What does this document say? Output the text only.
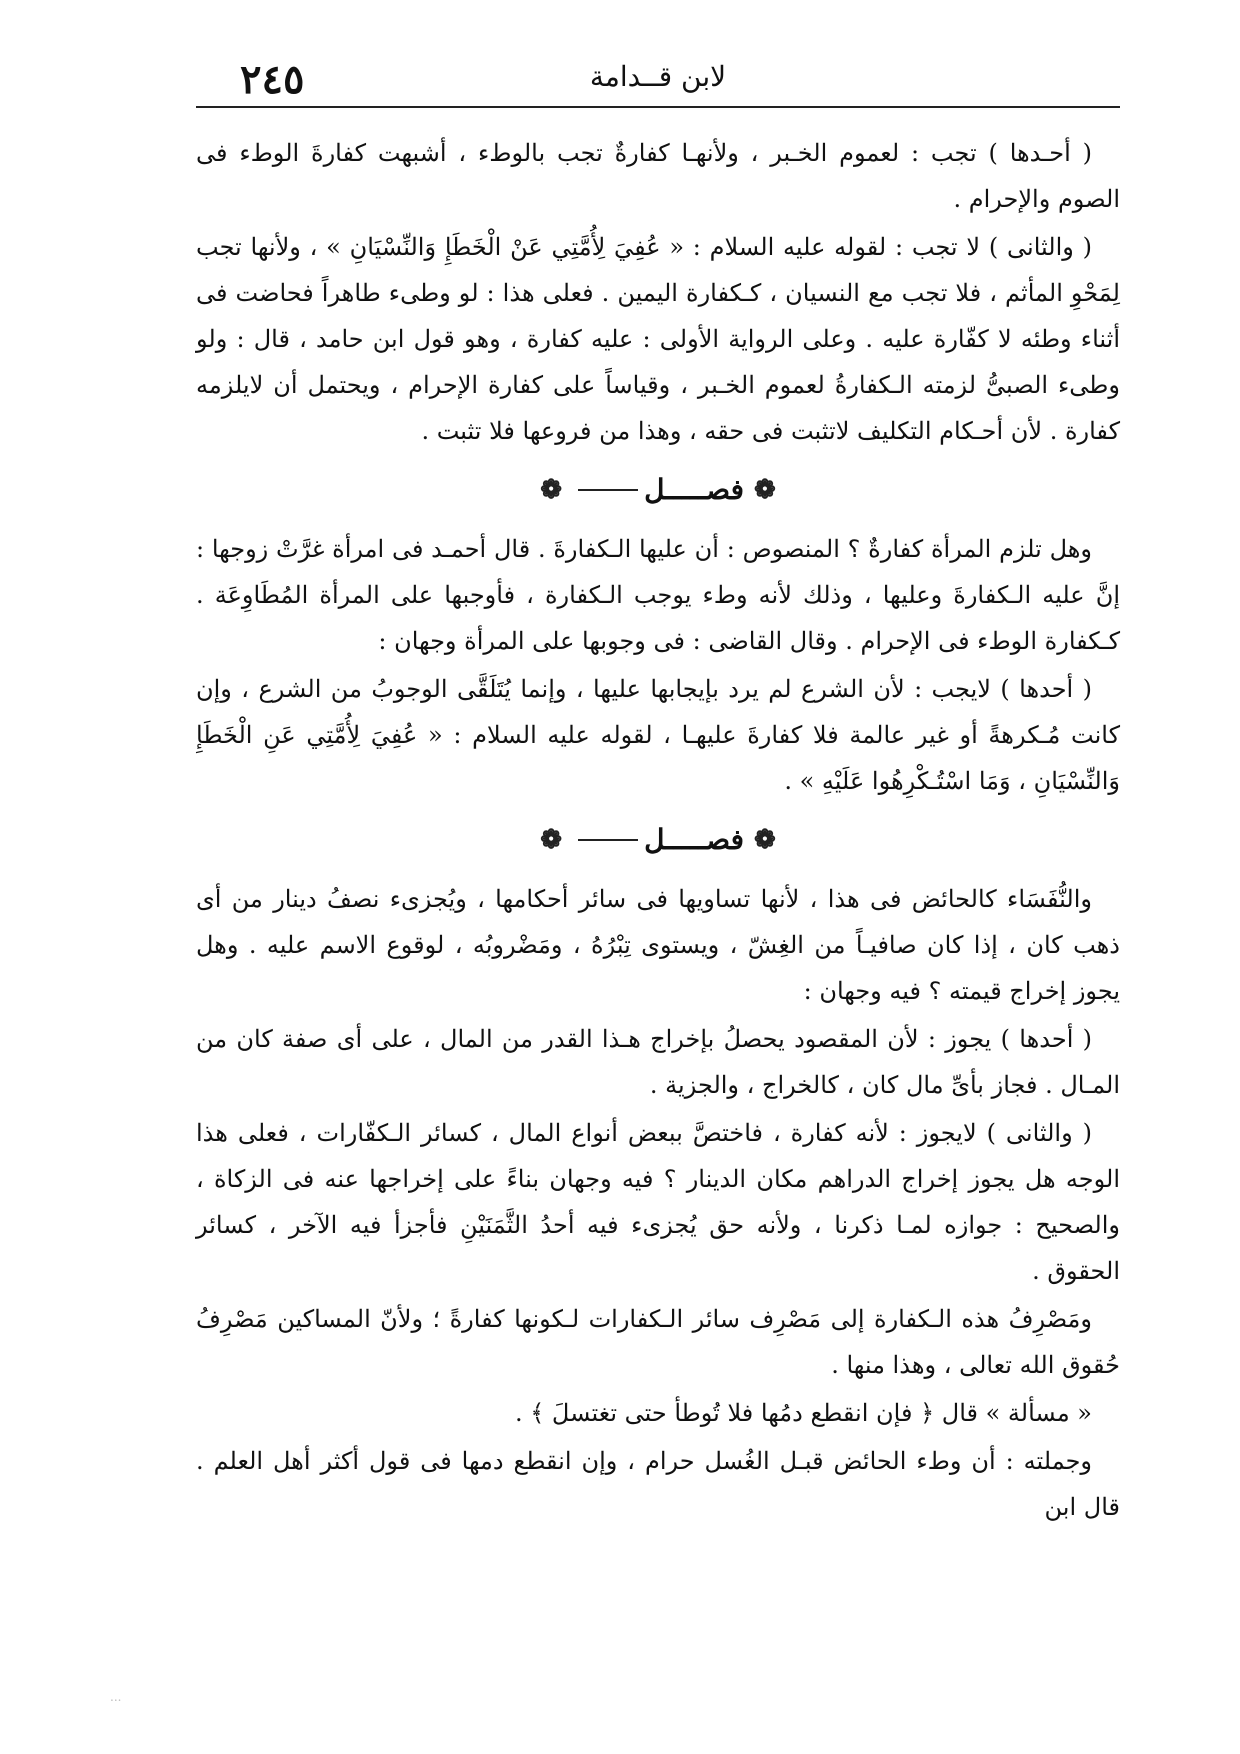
٢٤٥	لابن قــدامة

( أحـدها ) تجب : لعموم الخـبر ، ولأنهـا كفارةٌ تجب بالوطء ، أشبهت كفارةَ الوطء فى الصوم والإحرام .

( والثانى ) لا تجب : لقوله عليه السلام : « عُفِيَ لِأُمَّتِي عَنْ الْخَطَإِ وَالنِّسْيَانِ » ، ولأنها تجب لِمَحْوِ المأثم ، فلا تجب مع النسيان ، كـكفارة اليمين . فعلى هذا : لو وطىء طاهراً فحاضت فى أثناء وطئه لا كفّارة عليه . وعلى الرواية الأولى : عليه كفارة ، وهو قول ابن حامد ، قال : ولو وطىء الصبىُّ لزمته الـكفارةُ لعموم الخـبر ، وقياساً على كفارة الإحرام ، ويحتمل أن لايلزمه كفارة . لأن أحـكام التكليف لاتثبت فى حقه ، وهذا من فروعها فلا تثبت .

❁
فصـــــل
❁

وهل تلزم المرأة كفارةٌ ؟ المنصوص : أن عليها الـكفارةَ . قال أحمـد فى امرأة غرَّتْ زوجها : إنَّ عليه الـكفارةَ وعليها ، وذلك لأنه وطء يوجب الـكفارة ، فأوجبها على المرأة المُطَاوِعَة . كـكفارة الوطء فى الإحرام . وقال القاضى : فى وجوبها على المرأة وجهان :

( أحدها ) لايجب : لأن الشرع لم يرد بإيجابها عليها ، وإنما يُتَلَقَّى الوجوبُ من الشرع ، وإن كانت مُـكرهةً أو غير عالمة فلا كفارةَ عليهـا ، لقوله عليه السلام : « عُفِيَ لِأُمَّتِي عَنِ الْخَطَإِ وَالنِّسْيَانِ ، وَمَا اسْتُـكْرِهُوا عَلَيْهِ » .

❁
فصـــــل
❁

والنُّفَسَاء كالحائض فى هذا ، لأنها تساويها فى سائر أحكامها ، ويُجزىء نصفُ دينار من أى ذهب كان ، إذا كان صافيـاً من الغِشّ ، ويستوى تِبْرُهُ ، ومَضْروبُه ، لوقوع الاسم عليه . وهل يجوز إخراج قيمته ؟ فيه وجهان :

( أحدها ) يجوز : لأن المقصود يحصلُ بإخراج هـذا القدر من المال ، على أى صفة كان من المـال . فجاز بأىِّ مال كان ، كالخراج ، والجزية .

( والثانى ) لايجوز : لأنه كفارة ، فاختصَّ ببعض أنواع المال ، كسائر الـكفّارات ، فعلى هذا الوجه هل يجوز إخراج الدراهم مكان الدينار ؟ فيه وجهان بناءً على إخراجها عنه فى الزكاة ، والصحيح : جوازه لمـا ذكرنا ، ولأنه حق يُجزىء فيه أحدُ الثَّمَنَيْنِ فأجزأ فيه الآخر ، كسائر الحقوق .

ومَصْرِفُ هذه الـكفارة إلى مَصْرِف سائر الـكفارات لـكونها كفارةً ؛ ولأنّ المساكين مَصْرِفُ حُقوق الله تعالى ، وهذا منها .

« مسألة » قال ﴿ فإن انقطع دمُها فلا تُوطأ حتى تغتسلَ ﴾ .

وجملته : أن وطء الحائض قبـل الغُسل حرام ، وإن انقطع دمها فى قول أكثر أهل العلم . قال ابن

...
